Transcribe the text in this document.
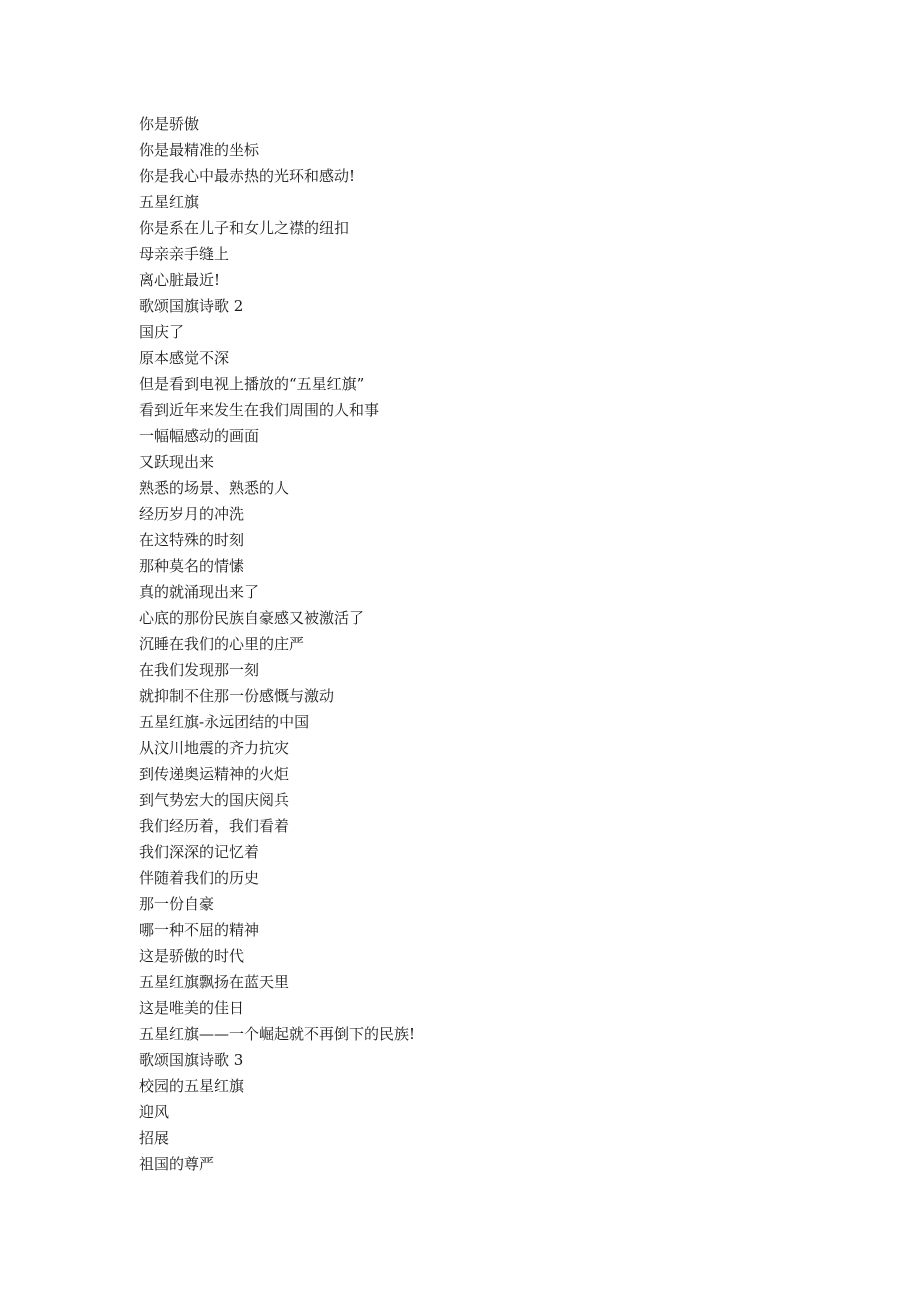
你是骄傲

你是最精准的坐标

你是我心中最赤热的光环和感动!

五星红旗

你是系在儿子和女儿之襟的纽扣

母亲亲手缝上

离心脏最近!

歌颂国旗诗歌 2

国庆了

原本感觉不深

但是看到电视上播放的“五星红旗”

看到近年来发生在我们周围的人和事

一幅幅感动的画面

又跃现出来

熟悉的场景、熟悉的人

经历岁月的冲洗

在这特殊的时刻

那种莫名的情愫

真的就涌现出来了

心底的那份民族自豪感又被激活了

沉睡在我们的心里的庄严

在我们发现那一刻

就抑制不住那一份感慨与激动

五星红旗-永远团结的中国

从汶川地震的齐力抗灾

到传递奥运精神的火炬

到气势宏大的国庆阅兵

我们经历着，我们看着

我们深深的记忆着

伴随着我们的历史

那一份自豪

哪一种不屈的精神

这是骄傲的时代

五星红旗飘扬在蓝天里

这是唯美的佳日

五星红旗——一个崛起就不再倒下的民族!

歌颂国旗诗歌 3

校园的五星红旗

迎风

招展

祖国的尊严
